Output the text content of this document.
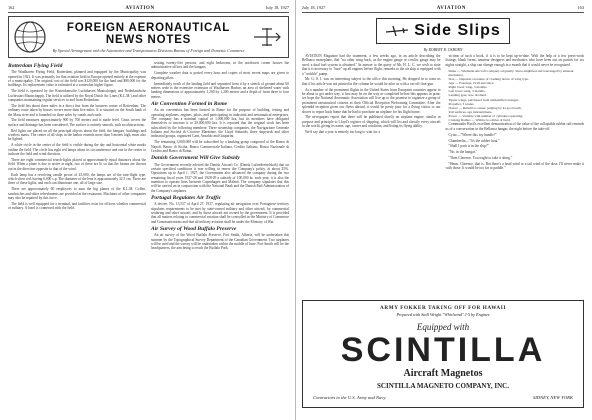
162	AVIATION	July 18, 1927
FOREIGN AERONAUTICAL NEWS NOTES
By Special Arrangement with the Automotive and Transportation Divisions Bureau of Foreign and Domestic Commerce
Rotterdam Flying Field

The Waalhaven Flying Field, Rotterdam, planned and equipped by the Municipality was opened in 1921. It was primarily for that aviation field in Europe opened entirely at the expense of a municipality. The original cost of the field was $120,000 for the land and $80,000 for the buildings. Its replacement value is estimated at a somewhat higher figure.

The field is operated by the Rotterdamsche Luchthaven Maatschappij and Nederlandsche Luchtvaart Maatschappij. The field is utilized by the Royal Dutch Air Lines (K.L.M.) and other companies maintaining regular services to and from Rotterdam.

The field lies about three miles in a direct line from the business center of Rotterdam. The ordinary route taken by busses covers more than five miles. It is situated on the South bank of the Maas river and is bounded on three sides by canals and roads.

The field measures approximately 900 by 700 meters and is made level. Grass covers the surface and drainage has been considered. The surface is entirely smooth, with no obstructions.

Red lights are placed on all the principal objects about the field, the hangars, buildings and wireless masts. The center of all ships in the harbor extends more than 5 meters high, must also be lighted.

A white circle in the center of the field is visible during the day and horizontal white marks outline the field. The circle has eight red lamps about its circumference and one in the center to indicate the field and wind direction.

There are eight commercial search-lights placed at approximately equal distances about the field. When a plane is due to arrive at night, two of these are lit so that the beams are thrown out in the direction opposite to that of the wind.

Each lamp has a revolving candle power of 45,000, the lamps are of the non-flight type, which show red, having 6,000 c.p. The diameter of the lens is approximately 32.5 cm. There are three of these lights, and each can illuminate one, all of large size.

There are approximately 60 employees to man the big planes of the K.L.M. Coffee, sandwiches and other refreshments are provided at the restaurant. Machines of other companies may also be repaired by this force.

The field is well equipped for a terminal, and facilities exist for officers whether commercial or military. A hotel is connected with the field.

seating twenty-five persons, and eight bedrooms, in the northwest corner houses the administrative offices and the hangars.

Complete weather data is posted every hour and copies of most recent maps are given to departing pilots.

Immediately north of the landing field and separated from it by a stretch of ground about 60 meters wide is the extensive extension of Waalhaven Harbor, an area of sheltered water with landing dimensions of approximately 1,200 by 1,200 meters and a depth of from three to four meters.

Air Convention Formed in Rome

An air convention has been formed in Rome for the purpose of building, testing and operating airplanes, engines, pilots, and participating in industrial and aeronautical enterprises. The company has a nominal capital of 1,000,000 lira, but its members have obligated themselves to increase it to 20,000,000 lira. It is reported that the original stock has been subscribed by the following members: Three steamship companies, the Navigazione Generale Italiana and Società di Crociere Marittime, the Lloyd Sabaudo; three shipyards and other industrial groups, organized Cant, Ansaldo and Gasparini.

The remaining 3,000,000 will be subscribed by a banking group composed of the Banco di Napoli, Banco di Sicilia, Banco Commerciale Italiana, Credito Italiano, Banca Nazionale di Credito and Banco di Roma.

Danish Government Will Give Subsidy

The Government recently advised the Danish Aircraft Co. (Dansk Luftrederiselskab) that on certain specified conditions it was willing to renew the Company's policy, at about 25%. Operations up to April 1, 1927, the Government also advanced the company during the two remaining fiscal years 1927-28 and 1928-29 a subsidy of 100,000 kr. each year, it is also the intention to operate lines between Copenhagen and Malmö. The company stipulates that this will be carried on in conjunction with the National Bank and the Danish Rail Administration of the Company's airplanes.

Portugal Regulates Air Traffic

A decree, No. 13,537 of April 27, 1927, regulating air navigation over Portuguese territory stipulates requirements to be met by state-owned military and other aircraft, by commercial seafaring and other aircraft, and by those aircraft not owned by the government. It is provided that all matters relating to commercial aviation shall be controlled in the Ministry of Commerce and Communications and that all military aviation shall be under the Ministry of War.

Air Survey of Wood Buffalo Preserve

An air survey of the Wood Buffalo Preserve, Fort Smith, Alberta, will be undertaken this summer by the Topographical Survey Department of the Canadian Government. Two airplanes will be used and the survey will be undertaken within the middle of June. Fort Smith will be the headquarters, the aim being to reach the Buffalo Park.

July 18, 1927	AVIATION	163
Side Slips
By ROBERT R. OSBORN

AVIATION Magazine had the statement, a few weeks ago, in an article describing the Bellanca monoplane, that "no other wing back, as the engine gauge or cowlist gauge may be used; a dual fuel system is obtained." In answer to the query of Mr. H. L. C. we wish to state that it is necessary to "tune" up all engines before flight, remarks to the air ship is equipped with a "wobble" pump.

Mr. G. S. I. was an interesting subject to the office this morning. He dropped in to warn us that if his article was not printed in the column he would be after us with a cut-off shot-gun.

As a number of the prominent flights in the United States from European countries appear to be about to get under way, it first may be on the way or completed before this appears in print; we hope the National Aeronautic Association will live up to the promise to organize a group of prominent aeronautical citizens as their Official Reception Welcoming Committee. After the splendid reception given our flyers abroad, it would be pretty poor for a flying visitor to our shores to report back home that he had to purchase an airplane for his flight home.

The newspapers report that there will be published shortly an airplane engine, similar in purpose and principle to Lloyd's register of shipping, which will list and classify every aircraft in the world, giving its name, age, owner and condition, and listing its flying ability.

We'd say that a year is entirely too long to wait for a

victims of such a book, if it is to be kept up-to-date. With the help of a few press-work listings, blank forms, amateur designers and mechanics who have been out on parties for six nights straight, a ship can change enough in a month that it would never be recognized.

Make — Wiemann Aircraft Company originally. Since amplified and rearranged by amateur mechanics.
Size — Depends on nature of crashing below of wing type.
Age — Fuselage, 1918 and since.
Right lower wing, 3 months.
Left lower wing, 3 months.
Landing gear, now doomed.
Tipper wings, purchased from unidentified stranger.
Propeller, 3 weeks.
Owner — Rebuilt to owner, judging by its good teeth.
Tail surfaces, age indeterminate.
Power — Variable with number of cylinders operating.
Cruising Radius — Within two miles of field.

Commander Byrd's excellent demonstration of the value of the collapsible rubber raft reminds us of a conversation in the Bellanca hangar, the night before the take-off.

Cynic—"Where this toy handle?"

Chamberlin—"It's the rubber boat."

"Shall I pack it in the ship?"

"No, in the hangar."

"Then Clarence. You ought to take it along."

"Hmm, Clarence, that is. But there's a head wind or a tail wind of the dose. I'll never make it with those. It would be too far to paddle."

ARMY FOKKER TAKING OFF FOR HAWAII
Prepared with Stall Wright "Whirlwind" J-5 by Engines
Equipped with
SCINTILLA
Aircraft Magnetos
SCINTILLA MAGNETO COMPANY, INC.
Contractors to the U.S. Army and Navy.	SIDNEY, NEW YORK
